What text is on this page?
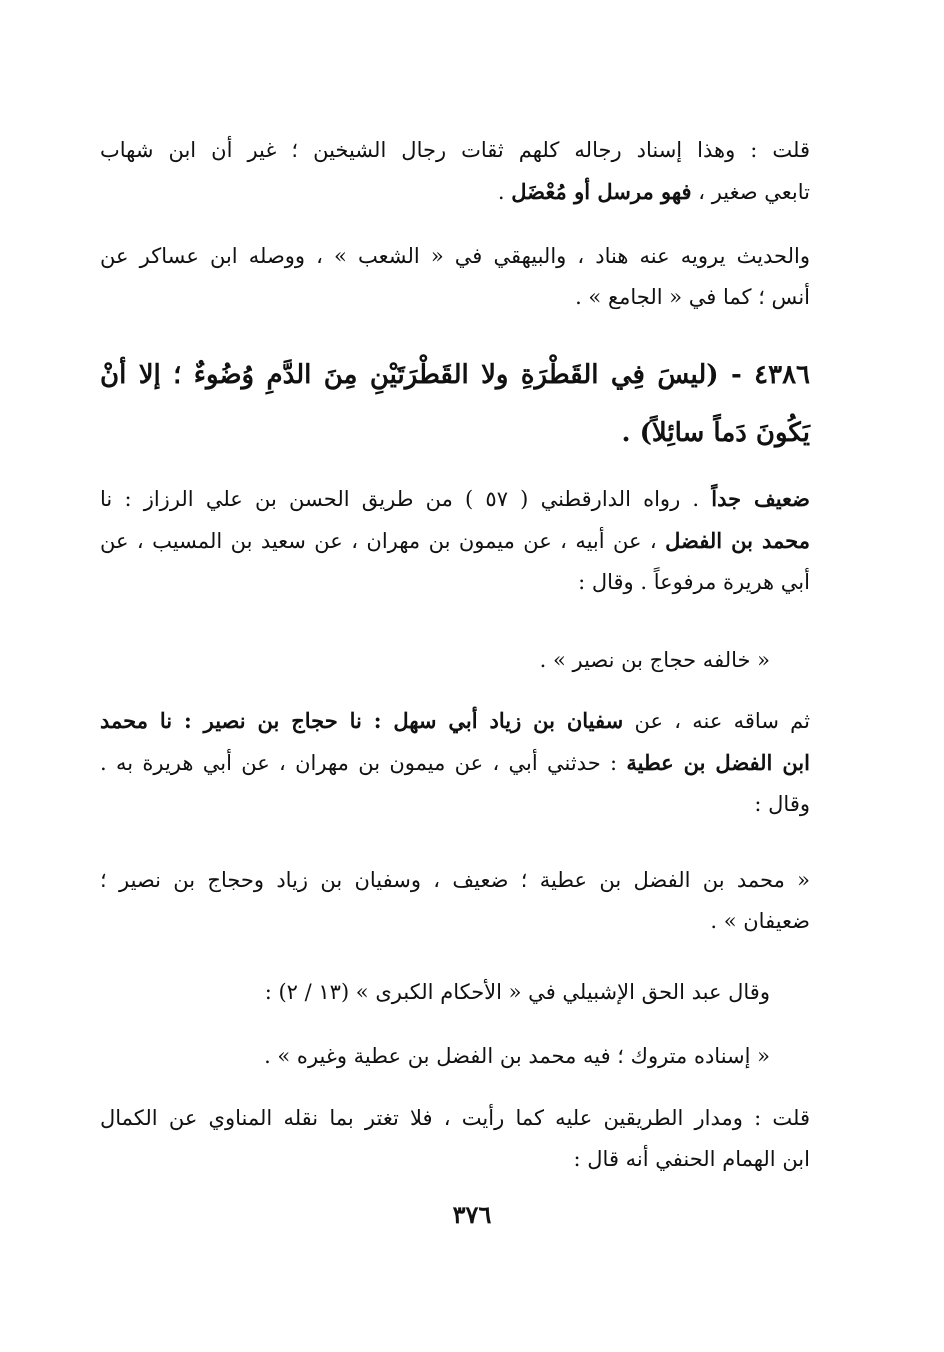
قلت : وهذا إسناد رجاله كلهم ثقات رجال الشيخين ؛ غير أن ابن شهاب
تابعي صغير ، فهو مرسل أو مُعْضَل .
والحديث يرويه عنه هناد ، والبيهقي في « الشعب » ، ووصله ابن عساكر عن
أنس ؛ كما في « الجامع » .
٤٣٨٦ - (ليسَ فِي القَطْرَةِ ولا القَطْرَتَيْنِ مِنَ الدَّمِ وُضُوءٌ ؛ إلا أنْ
يَكُونَ دَماً سائِلاً) .
ضعيف جداً . رواه الدارقطني ( ٥٧ ) من طريق الحسن بن علي الرزاز : نا
محمد بن الفضل ، عن أبيه ، عن ميمون بن مهران ، عن سعيد بن المسيب ، عن
أبي هريرة مرفوعاً . وقال :
« خالفه حجاج بن نصير » .
ثم ساقه عنه ، عن سفيان بن زياد أبي سهل : نا حجاج بن نصير : نا محمد
ابن الفضل بن عطية : حدثني أبي ، عن ميمون بن مهران ، عن أبي هريرة به .
وقال :
« محمد بن الفضل بن عطية ؛ ضعيف ، وسفيان بن زياد وحجاج بن نصير ؛
ضعيفان » .
وقال عبد الحق الإشبيلي في « الأحكام الكبرى » (١٣ / ٢) :
« إسناده متروك ؛ فيه محمد بن الفضل بن عطية وغيره » .
قلت : ومدار الطريقين عليه كما رأيت ، فلا تغتر بما نقله المناوي عن الكمال
ابن الهمام الحنفي أنه قال :
٣٧٦
